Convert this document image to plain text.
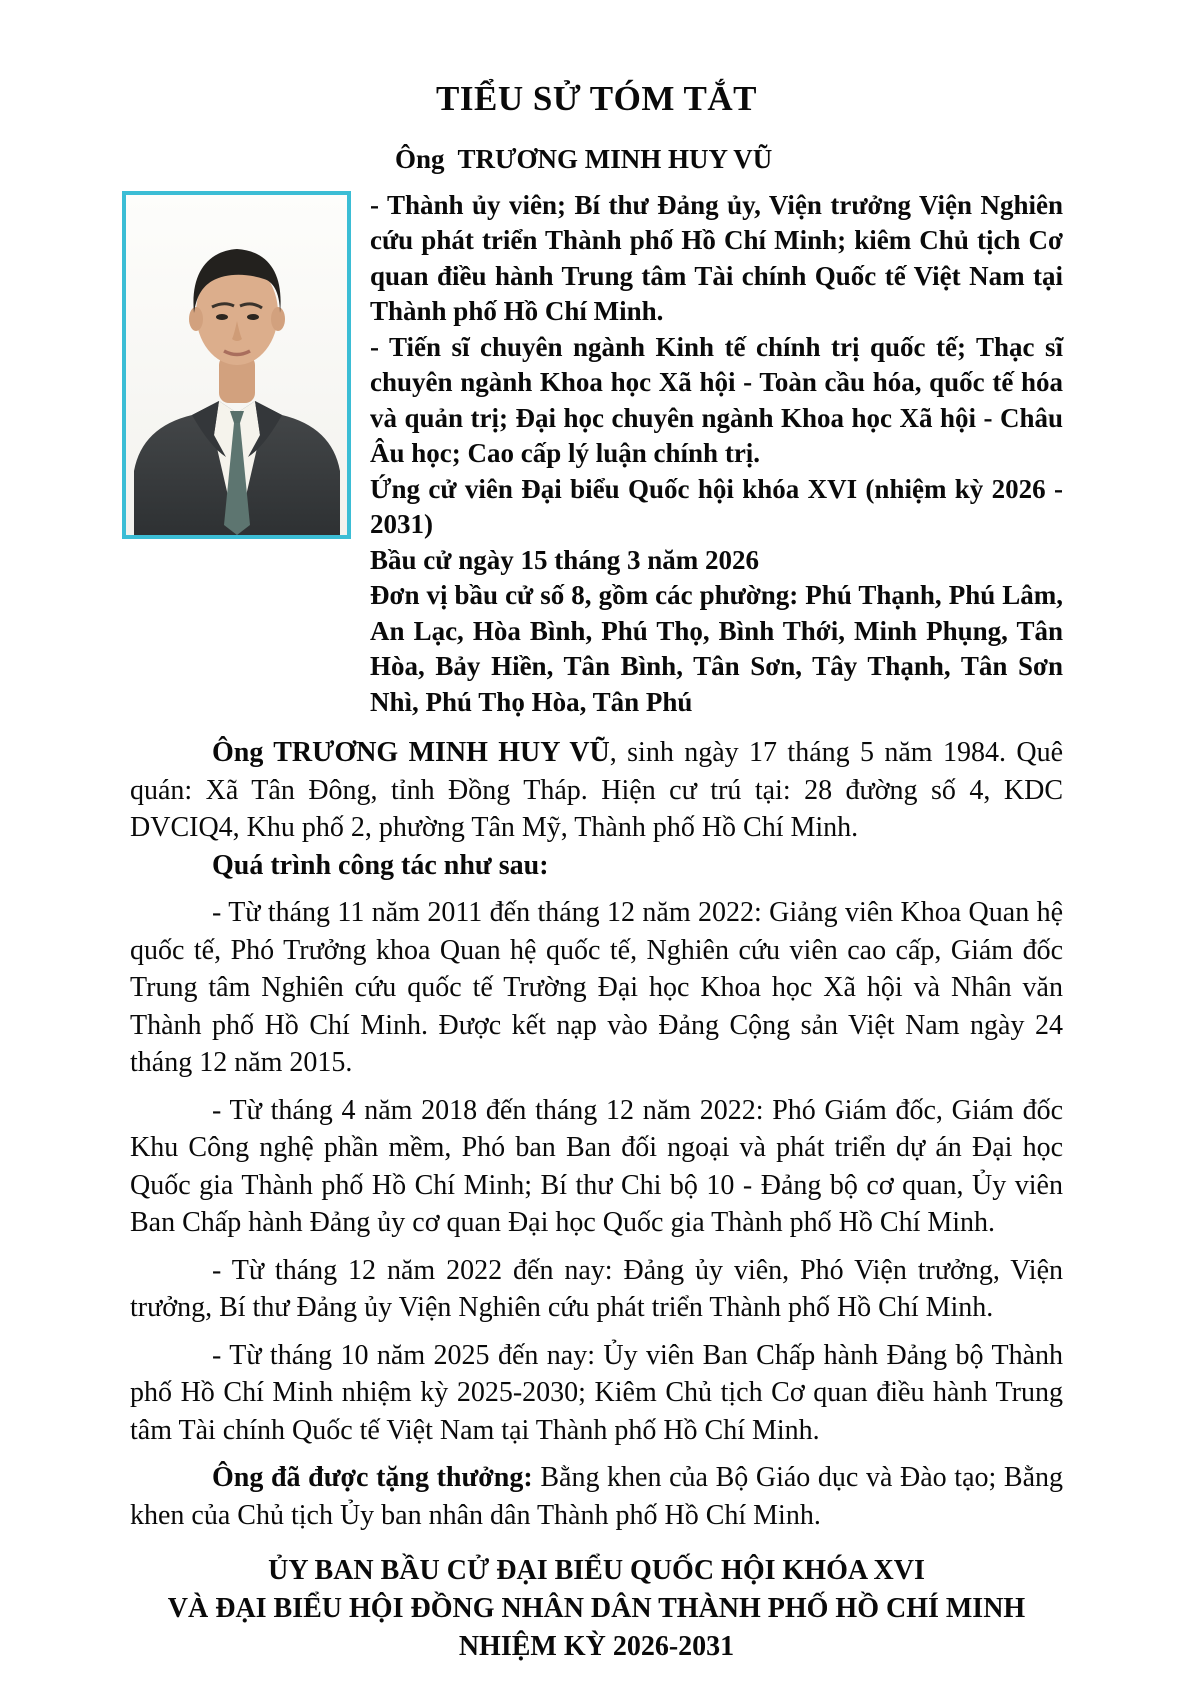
TIỂU SỬ TÓM TẮT
Ông  TRƯƠNG MINH HUY VŨ

- Thành ủy viên; Bí thư Đảng ủy, Viện trưởng Viện Nghiên cứu phát triển Thành phố Hồ Chí Minh; kiêm Chủ tịch Cơ quan điều hành Trung tâm Tài chính Quốc tế Việt Nam tại Thành phố Hồ Chí Minh.

- Tiến sĩ chuyên ngành Kinh tế chính trị quốc tế; Thạc sĩ chuyên ngành Khoa học Xã hội - Toàn cầu hóa, quốc tế hóa và quản trị; Đại học chuyên ngành Khoa học Xã hội - Châu Âu học; Cao cấp lý luận chính trị.

Ứng cử viên Đại biểu Quốc hội khóa XVI (nhiệm kỳ 2026 - 2031)

Bầu cử ngày 15 tháng 3 năm 2026

Đơn vị bầu cử số 8, gồm các phường: Phú Thạnh, Phú Lâm, An Lạc, Hòa Bình, Phú Thọ, Bình Thới, Minh Phụng, Tân Hòa, Bảy Hiền, Tân Bình, Tân Sơn, Tây Thạnh, Tân Sơn Nhì, Phú Thọ Hòa, Tân Phú

Ông TRƯƠNG MINH HUY VŨ, sinh ngày 17 tháng 5 năm 1984. Quê quán: Xã Tân Đông, tỉnh Đồng Tháp. Hiện cư trú tại: 28 đường số 4, KDC DVCIQ4, Khu phố 2, phường Tân Mỹ, Thành phố Hồ Chí Minh.

Quá trình công tác như sau:

- Từ tháng 11 năm 2011 đến tháng 12 năm 2022: Giảng viên Khoa Quan hệ quốc tế, Phó Trưởng khoa Quan hệ quốc tế, Nghiên cứu viên cao cấp, Giám đốc Trung tâm Nghiên cứu quốc tế Trường Đại học Khoa học Xã hội và Nhân văn Thành phố Hồ Chí Minh. Được kết nạp vào Đảng Cộng sản Việt Nam ngày 24 tháng 12 năm 2015.

- Từ tháng 4 năm 2018 đến tháng 12 năm 2022: Phó Giám đốc, Giám đốc Khu Công nghệ phần mềm, Phó ban Ban đối ngoại và phát triển dự án Đại học Quốc gia Thành phố Hồ Chí Minh; Bí thư Chi bộ 10 - Đảng bộ cơ quan, Ủy viên Ban Chấp hành Đảng ủy cơ quan Đại học Quốc gia Thành phố Hồ Chí Minh.

- Từ tháng 12 năm 2022 đến nay: Đảng ủy viên, Phó Viện trưởng, Viện trưởng, Bí thư Đảng ủy Viện Nghiên cứu phát triển Thành phố Hồ Chí Minh.

- Từ tháng 10 năm 2025 đến nay: Ủy viên Ban Chấp hành Đảng bộ Thành phố Hồ Chí Minh nhiệm kỳ 2025-2030; Kiêm Chủ tịch Cơ quan điều hành Trung tâm Tài chính Quốc tế Việt Nam tại Thành phố Hồ Chí Minh.

Ông đã được tặng thưởng: Bằng khen của Bộ Giáo dục và Đào tạo; Bằng khen của Chủ tịch Ủy ban nhân dân Thành phố Hồ Chí Minh.

ỦY BAN BẦU CỬ ĐẠI BIỂU QUỐC HỘI KHÓA XVI
VÀ ĐẠI BIỂU HỘI ĐỒNG NHÂN DÂN THÀNH PHỐ HỒ CHÍ MINH
NHIỆM KỲ 2026-2031
